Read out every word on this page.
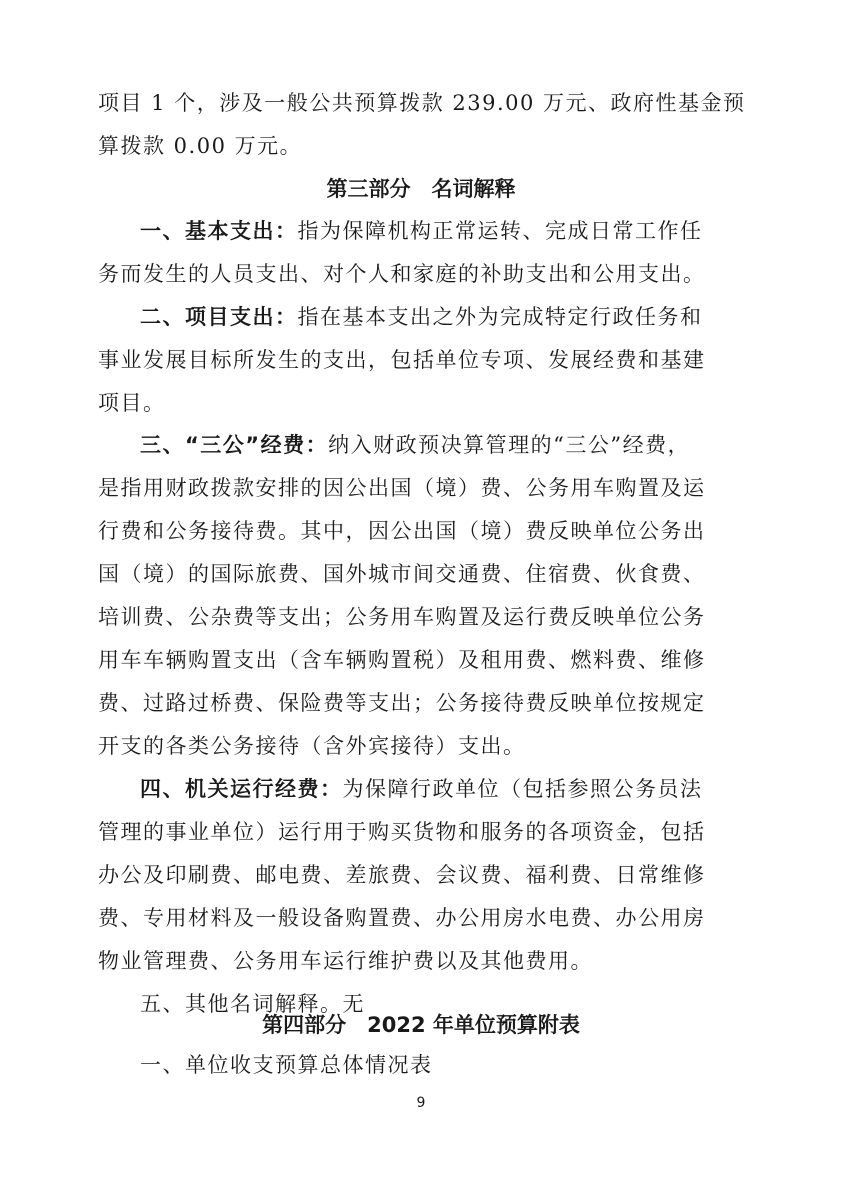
项目 1 个，涉及一般公共预算拨款 239.00 万元、政府性基金预
算拨款 0.00 万元。
第三部分　名词解释
一、基本支出：指为保障机构正常运转、完成日常工作任
务而发生的人员支出、对个人和家庭的补助支出和公用支出。
二、项目支出：指在基本支出之外为完成特定行政任务和
事业发展目标所发生的支出，包括单位专项、发展经费和基建
项目。
三、“三公”经费：纳入财政预决算管理的“三公”经费，
是指用财政拨款安排的因公出国（境）费、公务用车购置及运
行费和公务接待费。其中，因公出国（境）费反映单位公务出
国（境）的国际旅费、国外城市间交通费、住宿费、伙食费、
培训费、公杂费等支出；公务用车购置及运行费反映单位公务
用车车辆购置支出（含车辆购置税）及租用费、燃料费、维修
费、过路过桥费、保险费等支出；公务接待费反映单位按规定
开支的各类公务接待（含外宾接待）支出。
四、机关运行经费：为保障行政单位（包括参照公务员法
管理的事业单位）运行用于购买货物和服务的各项资金，包括
办公及印刷费、邮电费、差旅费、会议费、福利费、日常维修
费、专用材料及一般设备购置费、办公用房水电费、办公用房
物业管理费、公务用车运行维护费以及其他费用。
五、其他名词解释。无
第四部分　2022 年单位预算附表
一、单位收支预算总体情况表
9
